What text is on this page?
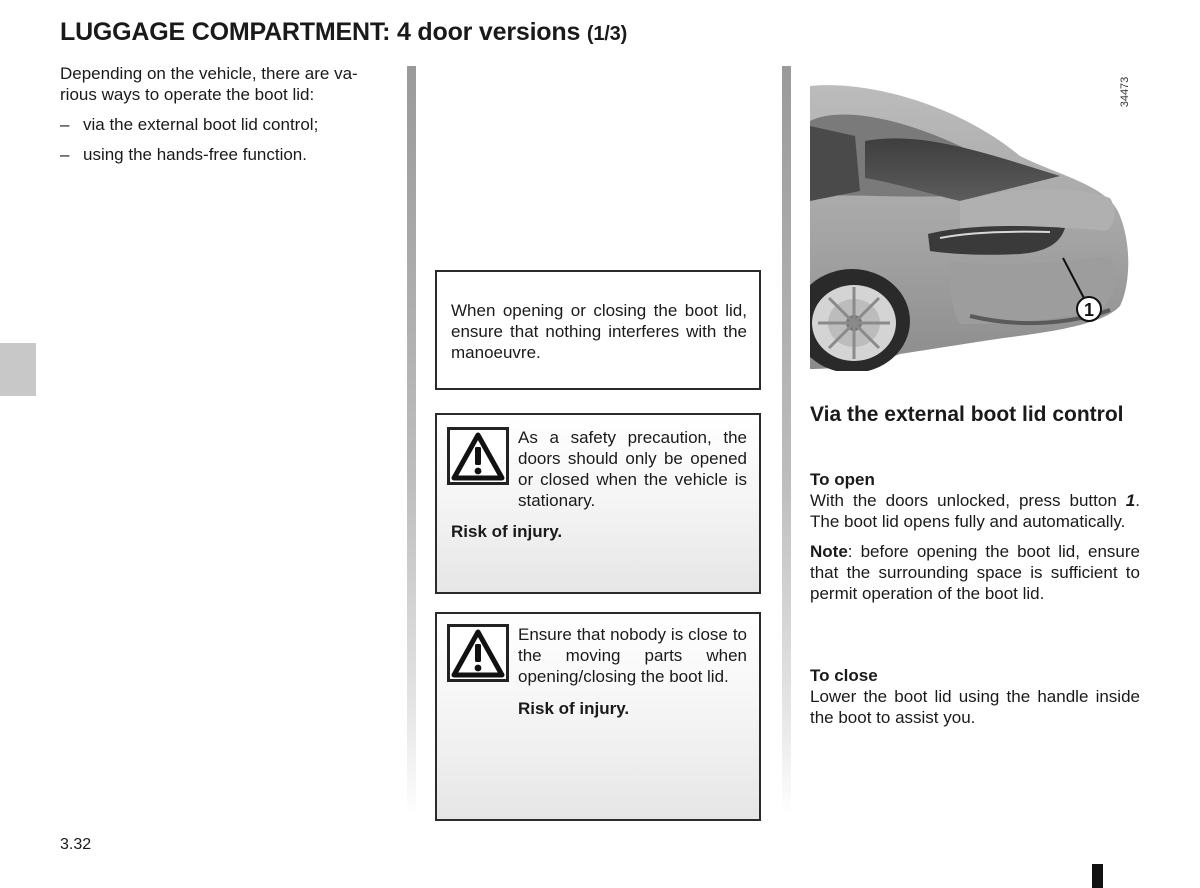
LUGGAGE COMPARTMENT: 4 door versions (1/3)

Depending on the vehicle, there are va-rious ways to operate the boot lid:

– via the external boot lid control;
– using the hands-free function.
When opening or closing the boot lid, ensure that nothing interferes with the manoeuvre.
As a safety precaution, the doors should only be opened or closed when the vehicle is stationary.
Risk of injury.
Ensure that nobody is close to the moving parts when opening/closing the boot lid.
Risk of injury.
1
34473
Via the external boot lid control
To open

With the doors unlocked, press button 1. The boot lid opens fully and automatically.

Note: before opening the boot lid, ensure that the surrounding space is sufficient to permit operation of the boot lid.

To close

Lower the boot lid using the handle inside the boot to assist you.

3.32
